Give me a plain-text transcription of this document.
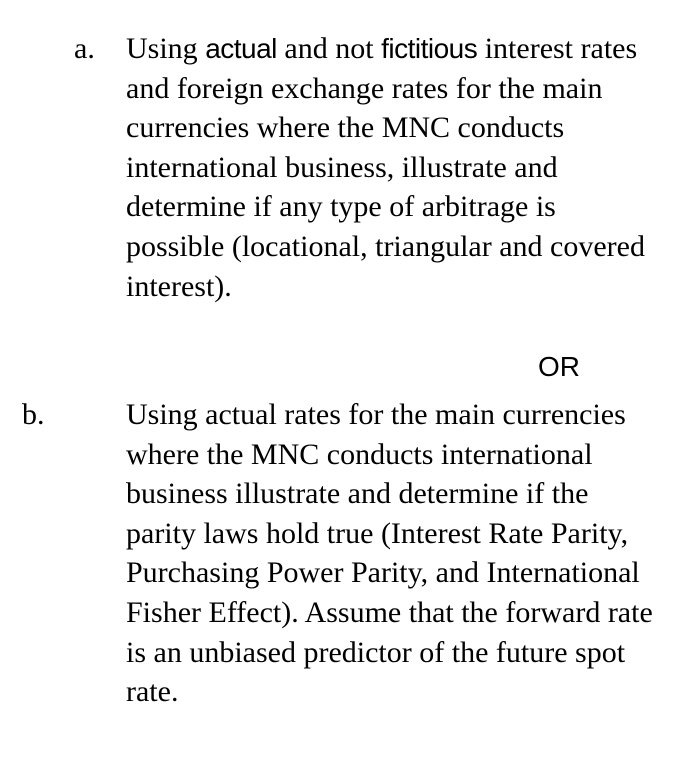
a. Using actual and not fictitious interest rates and foreign exchange rates for the main currencies where the MNC conducts international business, illustrate and determine if any type of arbitrage is possible (locational, triangular and covered interest).
OR
b.	Using actual rates for the main currencies where the MNC conducts international business illustrate and determine if the parity laws hold true (Interest Rate Parity, Purchasing Power Parity, and International Fisher Effect). Assume that the forward rate is an unbiased predictor of the future spot rate.
